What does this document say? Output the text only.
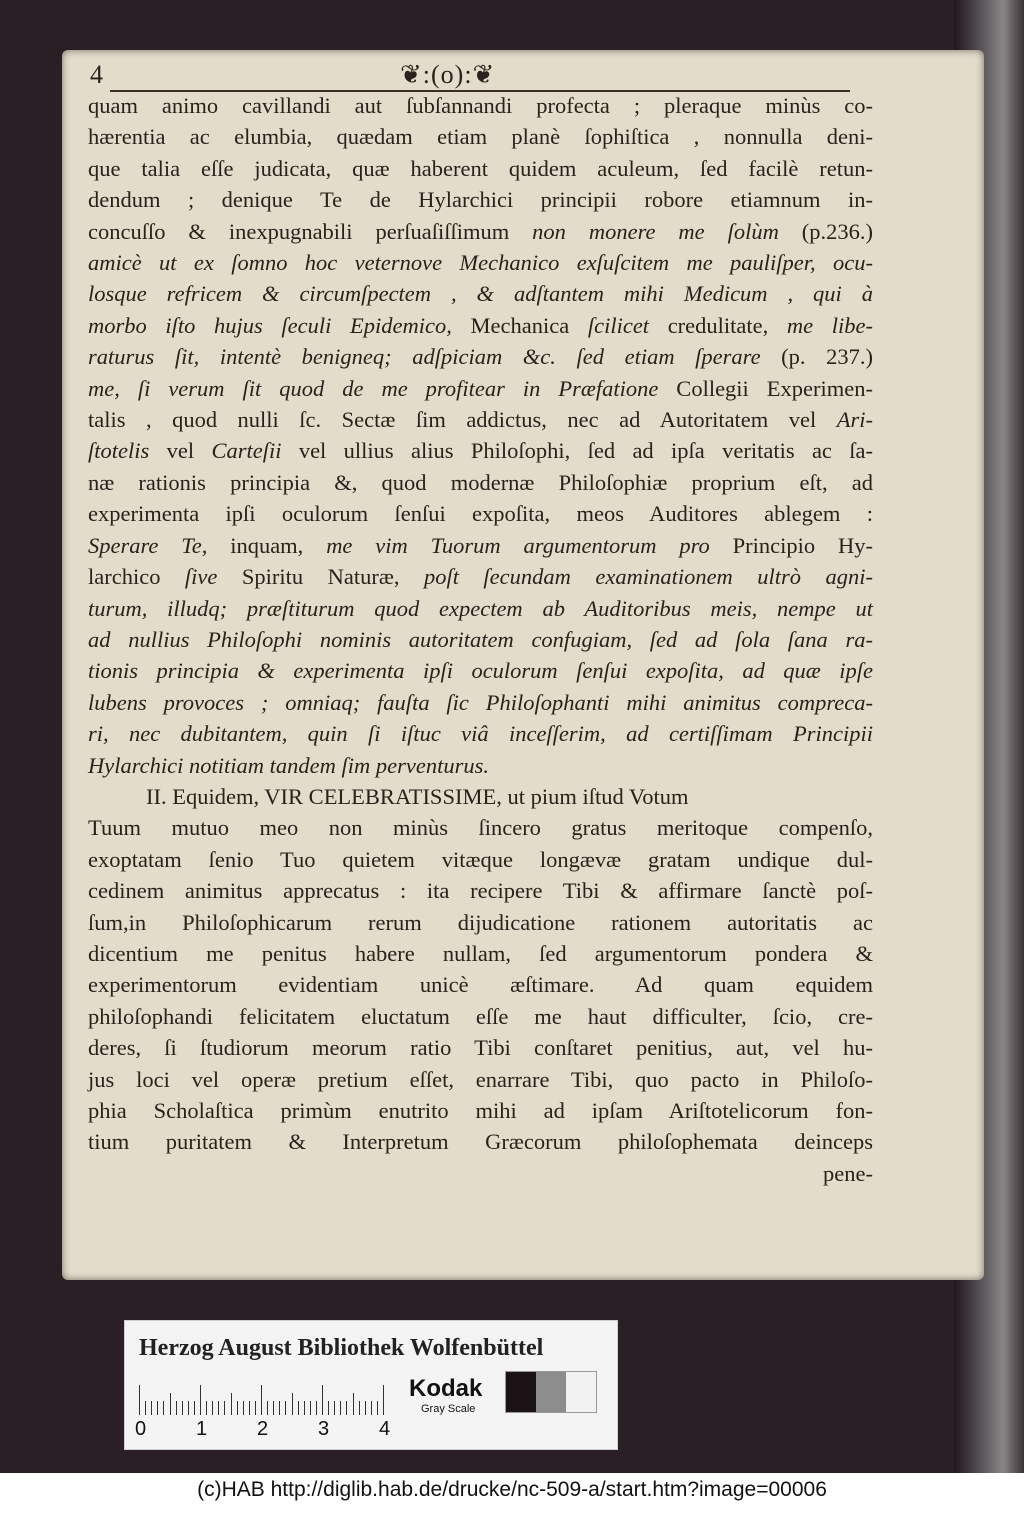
4	❦:(o):❦
quam animo cavillandi aut ſubſannandi profecta ; pleraque minùs co-
hærentia ac elumbia, quædam etiam planè ſophiſtica , nonnulla deni-
que talia eſſe judicata, quæ haberent quidem aculeum, ſed facilè retun-
dendum ; denique Te de Hylarchici principii robore etiamnum in-
concuſſo & inexpugnabili perſuaſiſſimum non monere me ſolùm (p.236.)
amicè ut ex ſomno hoc veternove Mechanico exſuſcitem me pauliſper, ocu-
losque refricem & circumſpectem , & adſtantem mihi Medicum , qui à
morbo iſto hujus ſeculi Epidemico, Mechanica ſcilicet credulitate, me libe-
raturus ſit, intentè benigneq; adſpiciam &c. ſed etiam ſperare (p. 237.)
me, ſi verum ſit quod de me profitear in Præfatione Collegii Experimen-
talis , quod nulli ſc. Sectæ ſim addictus, nec ad Autoritatem vel Ari-
ſtotelis vel Carteſii vel ullius alius Philoſophi, ſed ad ipſa veritatis ac ſa-
næ rationis principia &, quod modernæ Philoſophiæ proprium eſt, ad
experimenta ipſi oculorum ſenſui expoſita, meos Auditores ablegem :
Sperare Te, inquam, me vim Tuorum argumentorum pro Principio Hy-
larchico ſive Spiritu Naturæ, poſt ſecundam examinationem ultrò agni-
turum, illudq; præſtiturum quod expectem ab Auditoribus meis, nempe ut
ad nullius Philoſophi nominis autoritatem confugiam, ſed ad ſola ſana ra-
tionis principia & experimenta ipſi oculorum ſenſui expoſita, ad quæ ipſe
lubens provoces ; omniaq; fauſta ſic Philoſophanti mihi animitus compreca-
ri, nec dubitantem, quin ſi iſtuc viâ inceſſerim, ad certiſſimam Principii
Hylarchici notitiam tandem ſim perventurus.
II. Equidem, VIR CELEBRATISSIME, ut pium iſtud Votum
Tuum mutuo meo non minùs ſincero gratus meritoque compenſo,
exoptatam ſenio Tuo quietem vitæque longævæ gratam undique dul-
cedinem animitus apprecatus : ita recipere Tibi & affirmare ſanctè poſ-
ſum,in Philoſophicarum rerum dijudicatione rationem autoritatis ac
dicentium me penitus habere nullam, ſed argumentorum pondera &
experimentorum evidentiam unicè æſtimare. Ad quam equidem
philoſophandi felicitatem eluctatum eſſe me haut difficulter, ſcio, cre-
deres, ſi ſtudiorum meorum ratio Tibi conſtaret penitius, aut, vel hu-
jus loci vel operæ pretium eſſet, enarrare Tibi, quo pacto in Philoſo-
phia Scholaſtica primùm enutrito mihi ad ipſam Ariſtotelicorum fon-
tium puritatem & Interpretum Græcorum philoſophemata deinceps
pene-
Herzog August Bibliothek Wolfenbüttel
0 1 2 3 4
Kodak
Gray Scale
(c)HAB http://diglib.hab.de/drucke/nc-509-a/start.htm?image=00006
